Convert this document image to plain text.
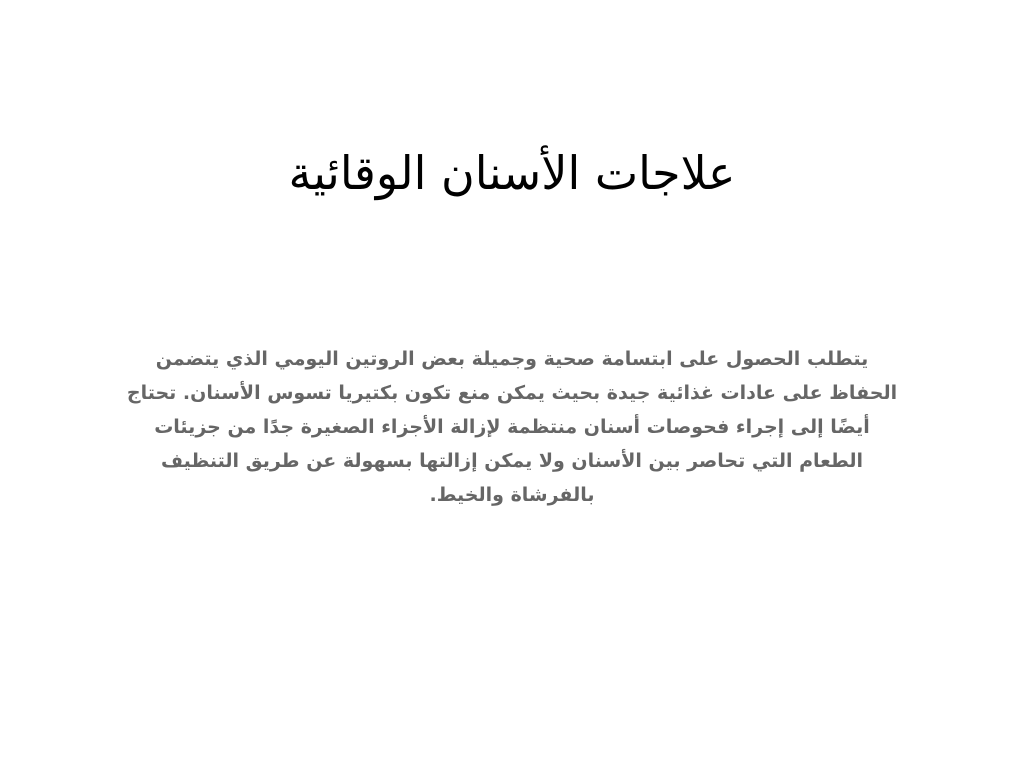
علاجات الأسنان الوقائية

يتطلب الحصول على ابتسامة صحية وجميلة بعض الروتين اليومي الذي يتضمن الحفاظ على عادات غذائية جيدة بحيث يمكن منع تكون بكتيريا تسوس الأسنان. تحتاج أيضًا إلى إجراء فحوصات أسنان منتظمة لإزالة الأجزاء الصغيرة جدًا من جزيئات الطعام التي تحاصر بين الأسنان ولا يمكن إزالتها بسهولة عن طريق التنظيف بالفرشاة والخيط.
